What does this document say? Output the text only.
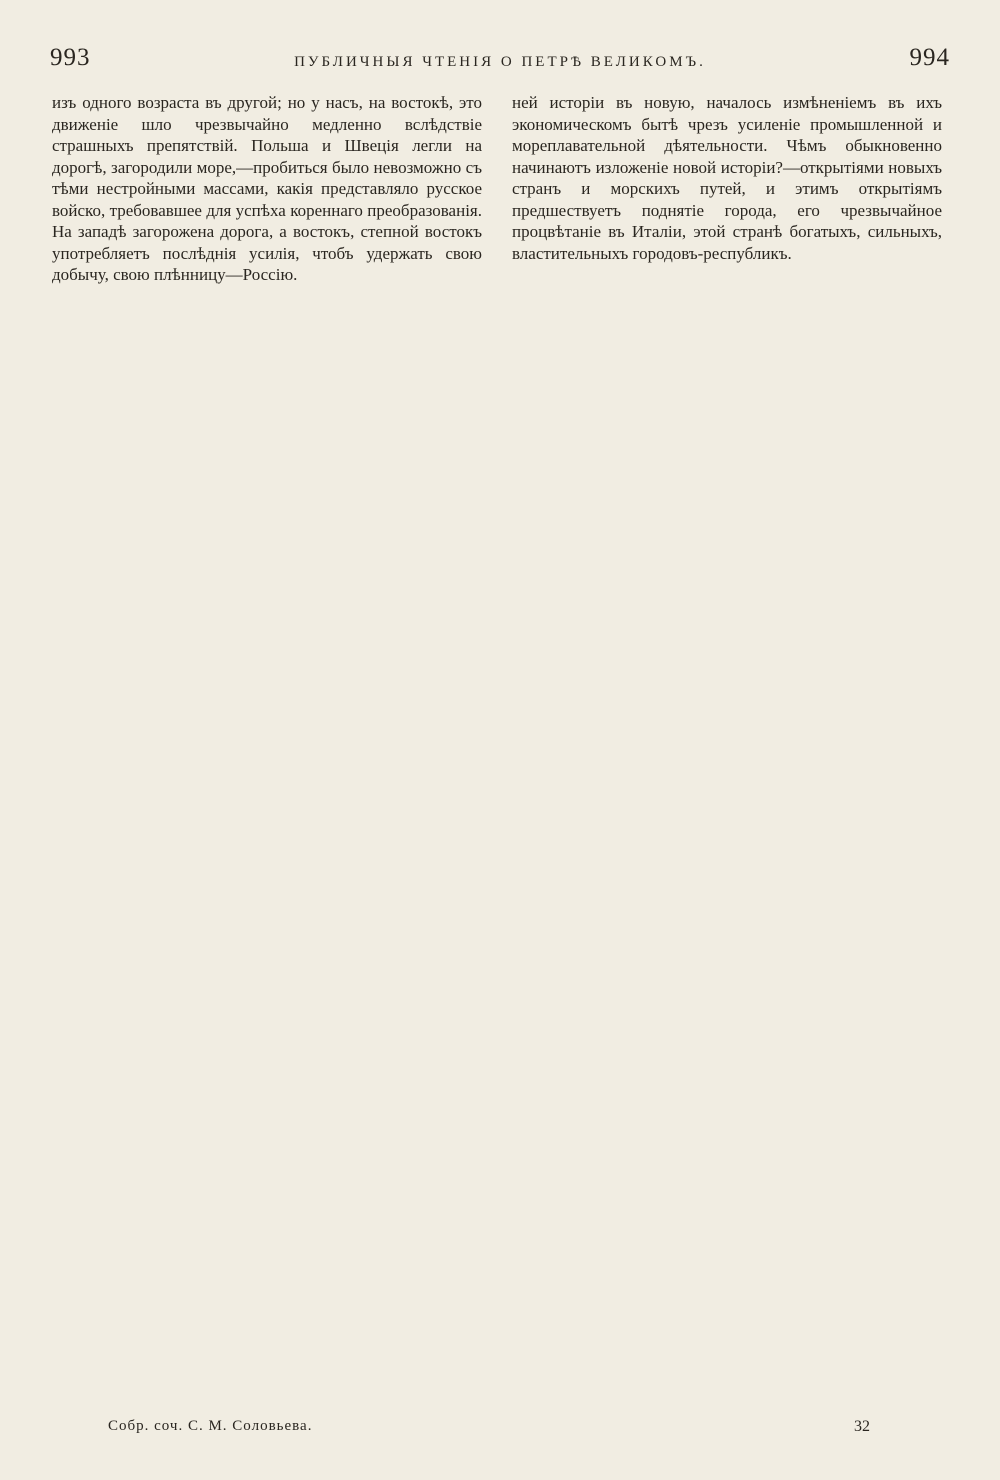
993	ПУБЛИЧНЫЯ ЧТЕНІЯ О ПЕТРѢ ВЕЛИКОМЪ.	994

изъ одного возраста въ другой; но у насъ, на востокѣ, это движеніе шло чрезвычайно медленно вслѣдствіе страшныхъ препятствій. Польша и Швеція легли на дорогѣ, загородили море,—пробиться было невозможно съ тѣми нестройными массами, какія представляло русское войско, требовавшее для успѣха кореннаго преобразованія. На западѣ загорожена дорога, а востокъ, степной востокъ употребляетъ послѣднія усилія, чтобъ удержать свою добычу, свою плѣнницу—Россію.

ней исторіи въ новую, началось измѣненіемъ въ ихъ экономическомъ бытѣ чрезъ усиленіе промышленной и мореплавательной дѣятельности. Чѣмъ обыкновенно начинаютъ изложеніе новой исторіи?—открытіями новыхъ странъ и морскихъ путей, и этимъ открытіямъ предшествуетъ поднятіе города, его чрезвычайное процвѣтаніе въ Италіи, этой странѣ богатыхъ, сильныхъ, властительныхъ городовъ-республикъ.

Собр. соч. С. М. Соловьева.	32
